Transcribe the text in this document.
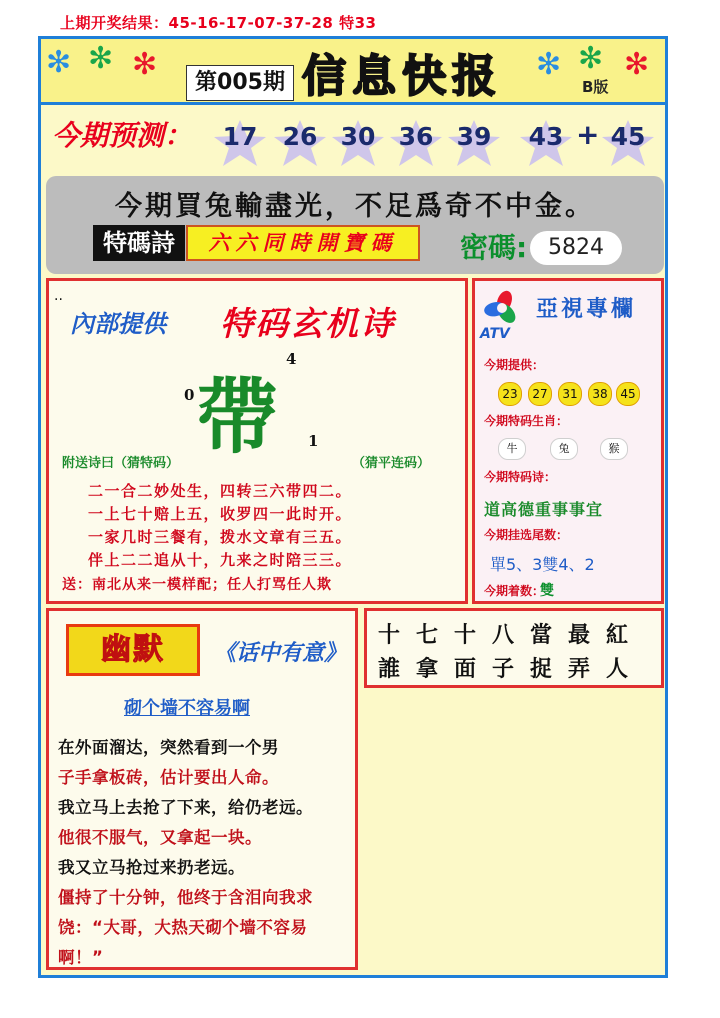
上期开奖结果：45-16-17-07-37-28 特33
✻ ✻ ✻	✻ ✻ ✻
第005期 信息快报	B版
今期预测：	17	26 30 36 39	43	45
+
今期買兔輸盡光，不足爲奇不中金。
特碼詩	六六同時開寶碼	密碼: 5824
..
內部提供 特码玄机诗
帶
0
4
1
附送诗曰（猜特码）	（猜平连码）
二一合二妙处生，四转三六带四二。
一上七十赔上五，收罗四一此时开。
一家几时三餐有，拨水文章有三五。
伴上二二追从十，九来之时陪三三。
送：南北从来一模样配；任人打骂任人欺
ATV
亞視專欄
今期提供：
23	27	31	38	45
今期特码生肖：
牛	兔	猴
今期特码诗：
道高德重事事宜
今期挂选尾数：
單5、3雙4、2
今期着数：
雙
幽默	《话中有意》
砌个墙不容易啊
在外面溜达，突然看到一个男
子手拿板砖，估计要出人命。
我立马上去抢了下来，给仍老远。
他很不服气，又拿起一块。
我又立马抢过来扔老远。
僵持了十分钟，他终于含泪向我求
饶：“大哥，大热天砌个墙不容易
啊！”
十七十八當最紅
誰拿面子捉弄人
